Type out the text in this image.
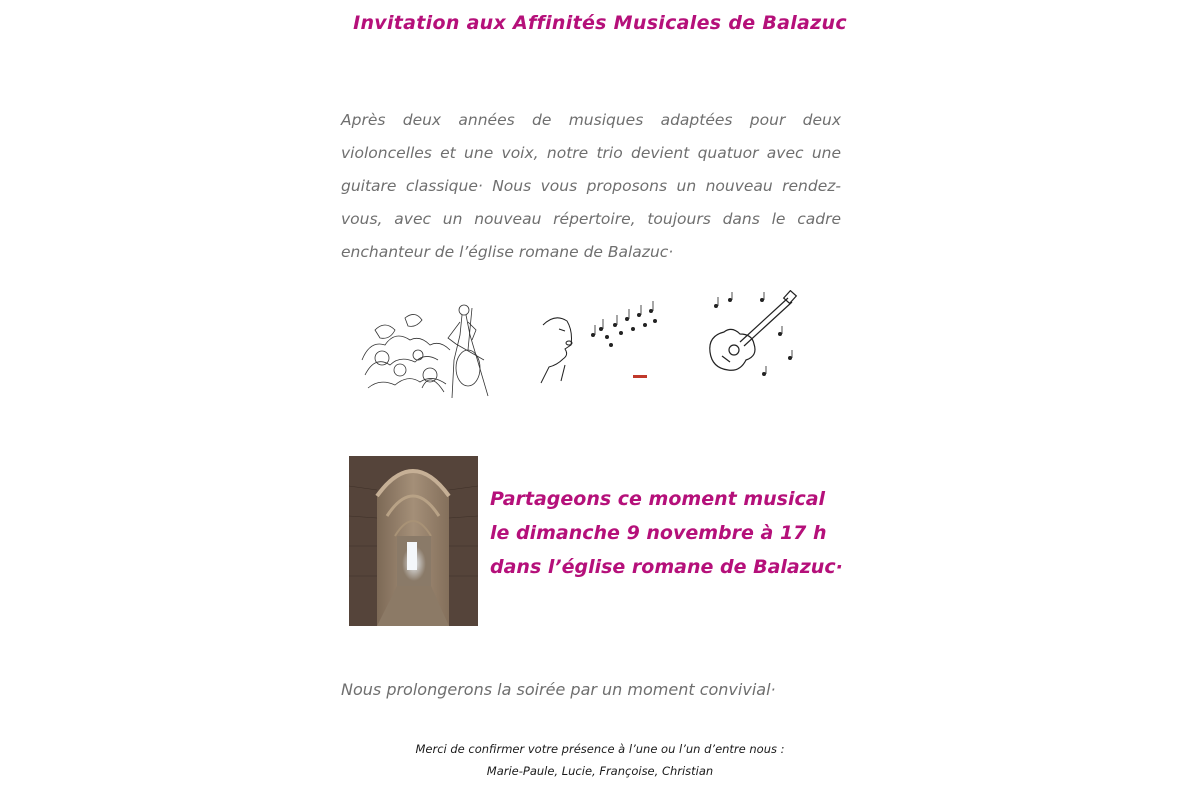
Invitation aux Affinités Musicales de Balazuc

Après deux années de musiques adaptées pour deux violoncelles et une voix, notre trio devient quatuor avec une guitare classique· Nous vous proposons un nouveau rendez-vous, avec un nouveau répertoire, toujours dans le cadre enchanteur de l’église romane de Balazuc·

Partageons ce moment musical
le dimanche 9 novembre à 17 h
dans l’église romane de Balazuc·
Nous prolongerons la soirée par un moment convivial·
Merci de confirmer votre présence à l’une ou l’un d’entre nous :
Marie-Paule, Lucie, Françoise, Christian
